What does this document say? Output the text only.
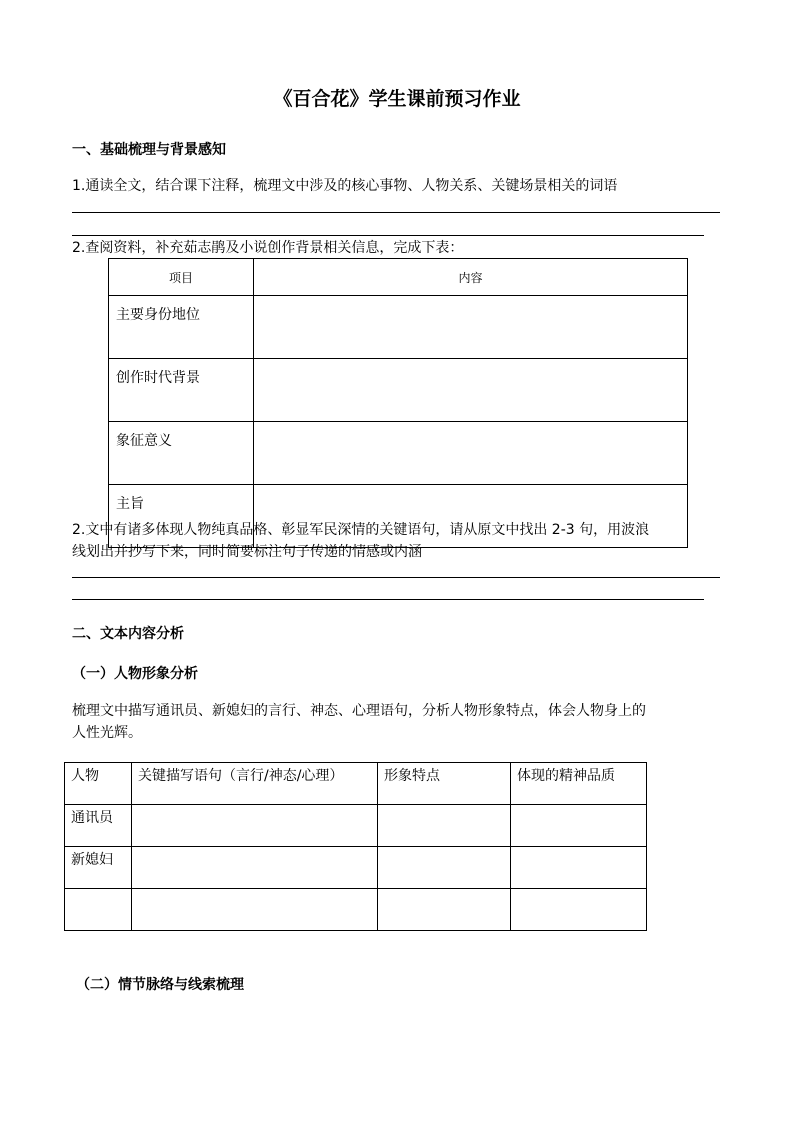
《百合花》学生课前预习作业
一、基础梳理与背景感知
1.通读全文，结合课下注释，梳理文中涉及的核心事物、人物关系、关键场景相关的词语
2.查阅资料，补充茹志鹃及小说创作背景相关信息，完成下表：
项目	内容
主要身份地位	
创作时代背景	
象征意义	
主旨	
2.文中有诸多体现人物纯真品格、彰显军民深情的关键语句，请从原文中找出 2-3 句，用波浪
线划出并抄写下来，同时简要标注句子传递的情感或内涵
二、文本内容分析
（一）人物形象分析
梳理文中描写通讯员、新媳妇的言行、神态、心理语句，分析人物形象特点，体会人物身上的
人性光辉。
人物	关键描写语句（言行/神态/心理）	形象特点	体现的精神品质
通讯员			
新媳妇			

（二）情节脉络与线索梳理
